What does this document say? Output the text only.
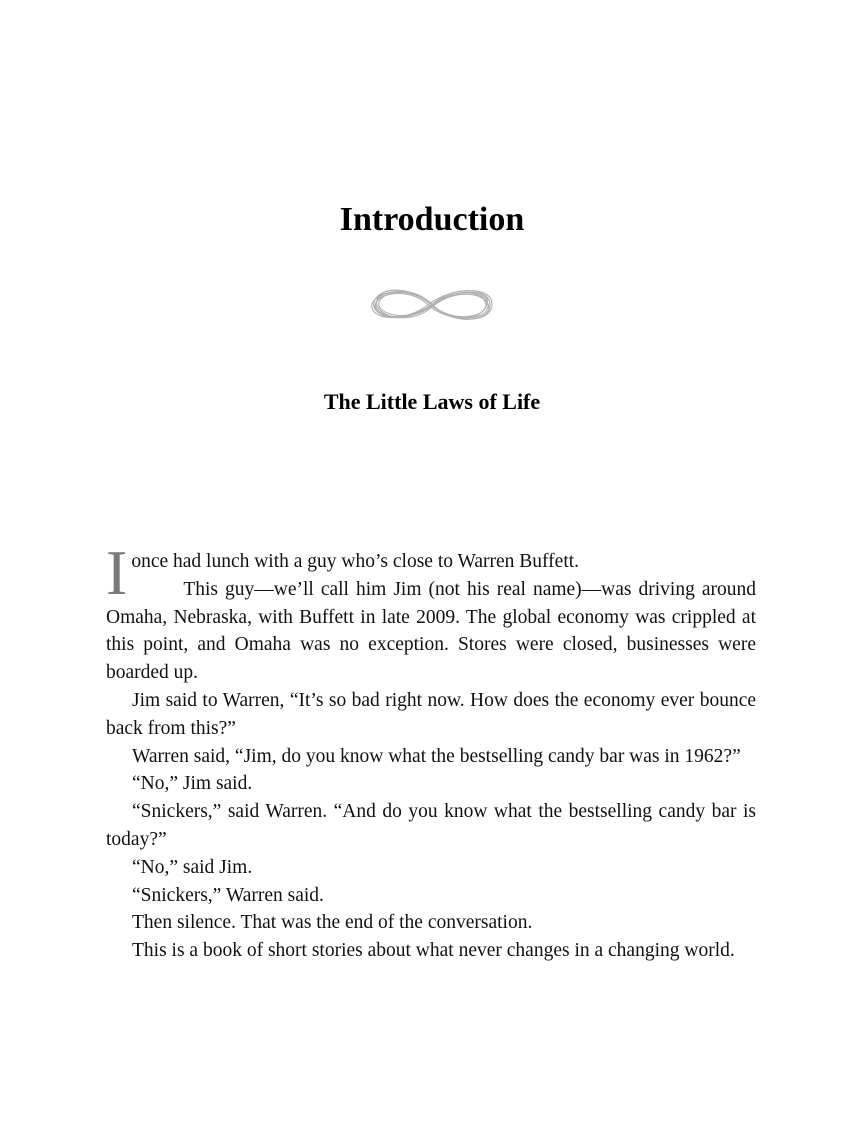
Introduction
The Little Laws of Life
I once had lunch with a guy who’s close to Warren Buffett.

This guy—we’ll call him Jim (not his real name)—was driving around Omaha, Nebraska, with Buffett in late 2009. The global economy was crippled at this point, and Omaha was no exception. Stores were closed, businesses were boarded up.

Jim said to Warren, “It’s so bad right now. How does the economy ever bounce back from this?”

Warren said, “Jim, do you know what the bestselling candy bar was in 1962?”

“No,” Jim said.

“Snickers,” said Warren. “And do you know what the bestselling candy bar is today?”

“No,” said Jim.

“Snickers,” Warren said.

Then silence. That was the end of the conversation.

This is a book of short stories about what never changes in a changing world.
